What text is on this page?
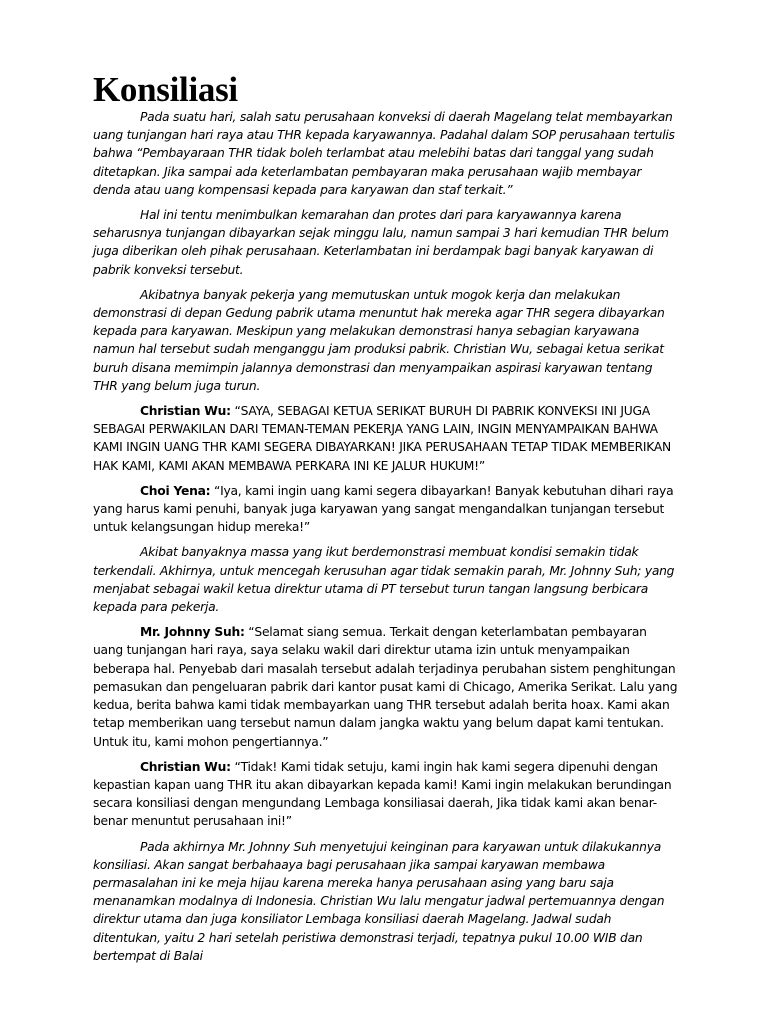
Konsiliasi

Pada suatu hari, salah satu perusahaan konveksi di daerah Magelang telat membayarkan uang tunjangan hari raya atau THR kepada karyawannya. Padahal dalam SOP perusahaan tertulis bahwa “Pembayaraan THR tidak boleh terlambat atau melebihi batas dari tanggal yang sudah ditetapkan. Jika sampai ada keterlambatan pembayaran maka perusahaan wajib membayar denda atau uang kompensasi kepada para karyawan dan staf terkait.”

Hal ini tentu menimbulkan kemarahan dan protes dari para karyawannya karena seharusnya tunjangan dibayarkan sejak minggu lalu, namun sampai 3 hari kemudian THR belum juga diberikan oleh pihak perusahaan. Keterlambatan ini berdampak bagi banyak karyawan di pabrik konveksi tersebut.

Akibatnya banyak pekerja yang memutuskan untuk mogok kerja dan melakukan demonstrasi di depan Gedung pabrik utama menuntut hak mereka agar THR segera dibayarkan kepada para karyawan. Meskipun yang melakukan demonstrasi hanya sebagian karyawana namun hal tersebut sudah menganggu jam produksi pabrik. Christian Wu, sebagai ketua serikat buruh disana memimpin jalannya demonstrasi dan menyampaikan aspirasi karyawan tentang THR yang belum juga turun.

Christian Wu: “SAYA, SEBAGAI KETUA SERIKAT BURUH DI PABRIK KONVEKSI INI JUGA SEBAGAI PERWAKILAN DARI TEMAN-TEMAN PEKERJA YANG LAIN, INGIN MENYAMPAIKAN BAHWA KAMI INGIN UANG THR KAMI SEGERA DIBAYARKAN! JIKA PERUSAHAAN TETAP TIDAK MEMBERIKAN HAK KAMI, KAMI AKAN MEMBAWA PERKARA INI KE JALUR HUKUM!”

Choi Yena: “Iya, kami ingin uang kami segera dibayarkan! Banyak kebutuhan dihari raya yang harus kami penuhi, banyak juga karyawan yang sangat mengandalkan tunjangan tersebut untuk kelangsungan hidup mereka!”

Akibat banyaknya massa yang ikut berdemonstrasi membuat kondisi semakin tidak terkendali. Akhirnya, untuk mencegah kerusuhan agar tidak semakin parah, Mr. Johnny Suh; yang menjabat sebagai wakil ketua direktur utama di PT tersebut turun tangan langsung berbicara kepada para pekerja.

Mr. Johnny Suh: “Selamat siang semua. Terkait dengan keterlambatan pembayaran uang tunjangan hari raya, saya selaku wakil dari direktur utama izin untuk menyampaikan beberapa hal. Penyebab dari masalah tersebut adalah terjadinya perubahan sistem penghitungan pemasukan dan pengeluaran pabrik dari kantor pusat kami di Chicago, Amerika Serikat. Lalu yang kedua, berita bahwa kami tidak membayarkan uang THR tersebut adalah berita hoax. Kami akan tetap memberikan uang tersebut namun dalam jangka waktu yang belum dapat kami tentukan. Untuk itu, kami mohon pengertiannya.”

Christian Wu: “Tidak! Kami tidak setuju, kami ingin hak kami segera dipenuhi dengan kepastian kapan uang THR itu akan dibayarkan kepada kami! Kami ingin melakukan berundingan secara konsiliasi dengan mengundang Lembaga konsiliasai daerah, Jika tidak kami akan benar-benar menuntut perusahaan ini!”

Pada akhirnya Mr. Johnny Suh menyetujui keinginan para karyawan untuk dilakukannya konsiliasi. Akan sangat berbahaaya bagi perusahaan jika sampai karyawan membawa permasalahan ini ke meja hijau karena mereka hanya perusahaan asing yang baru saja menanamkan modalnya di Indonesia. Christian Wu lalu mengatur jadwal pertemuannya dengan direktur utama dan juga konsiliator Lembaga konsiliasi daerah Magelang. Jadwal sudah ditentukan, yaitu 2 hari setelah peristiwa demonstrasi terjadi, tepatnya pukul 10.00 WIB dan bertempat di Balai
